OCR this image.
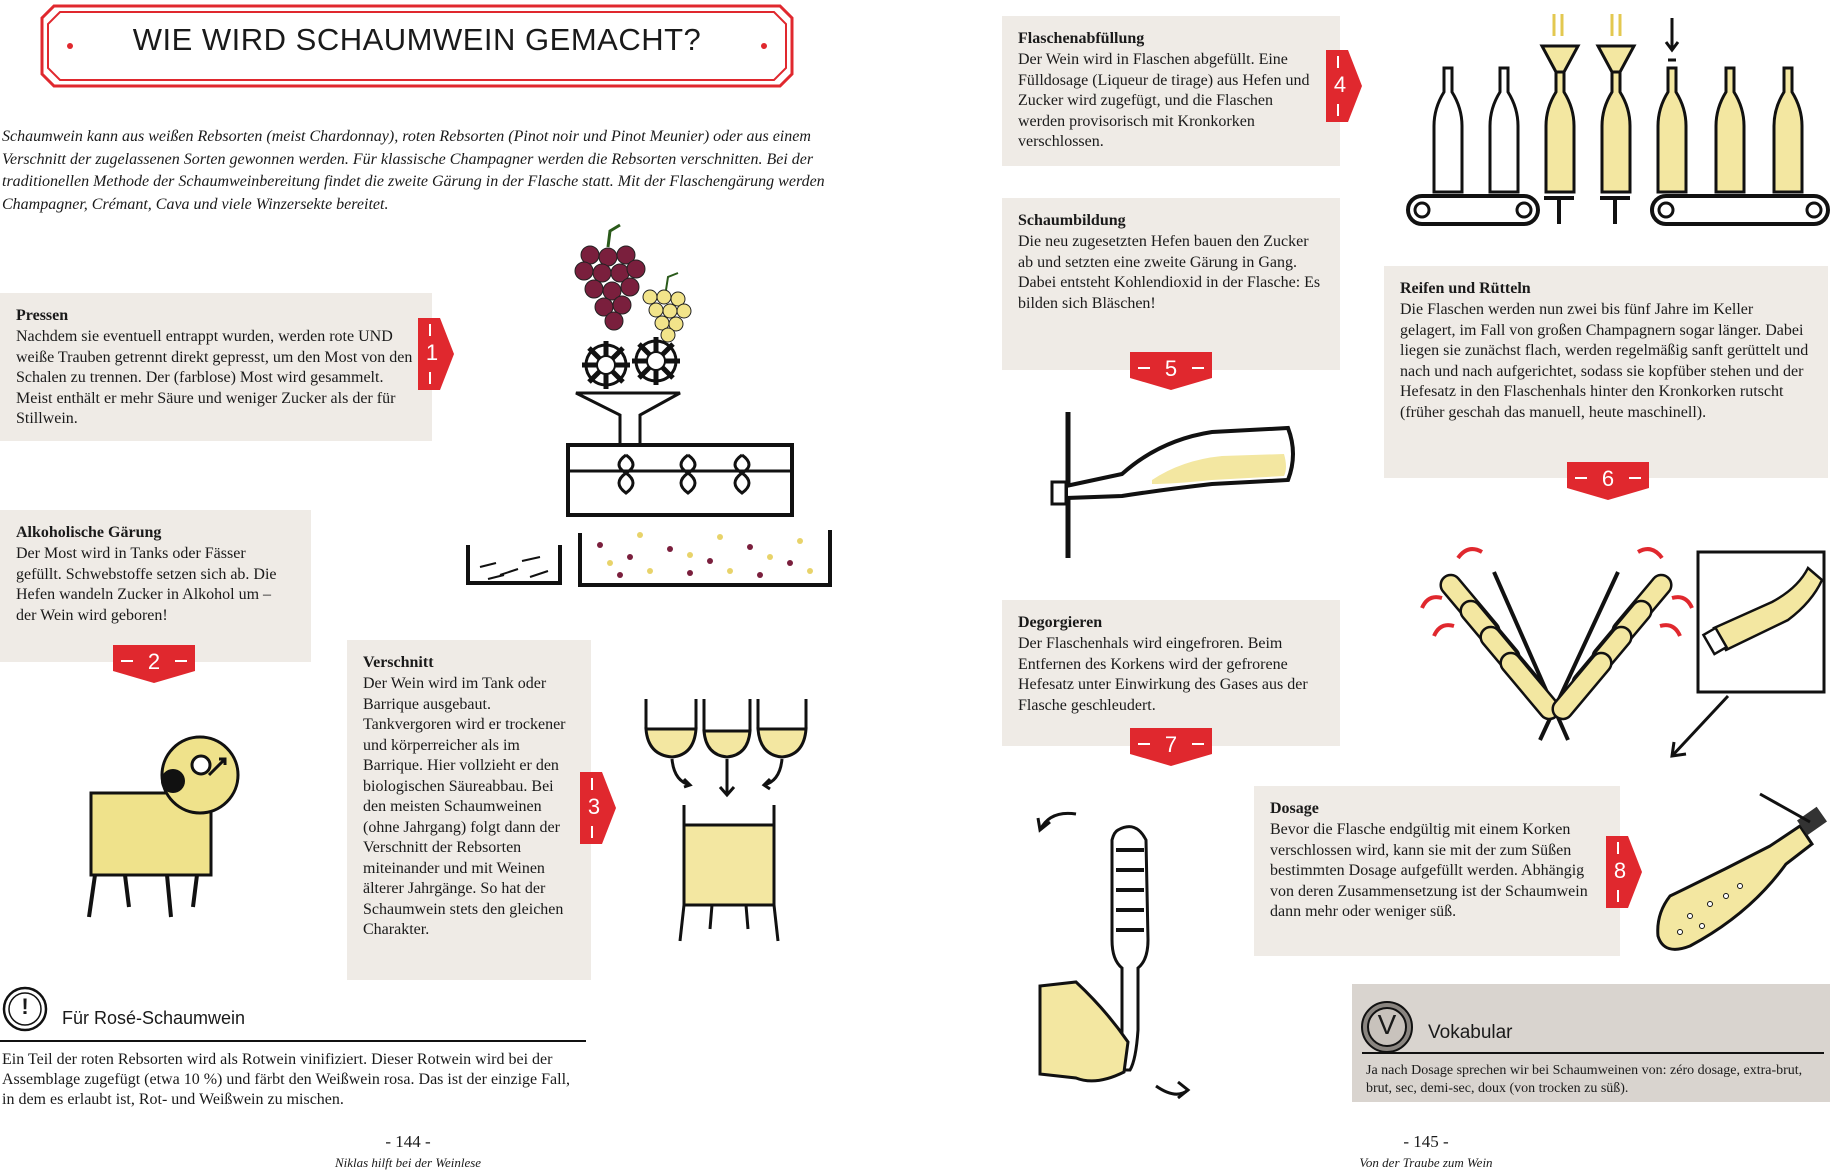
WIE WIRD SCHAUMWEIN GEMACHT?
Schaumwein kann aus weißen Rebsorten (meist Chardonnay), roten Rebsorten (Pinot noir und Pinot Meunier) oder aus einem Verschnitt der zugelassenen Sorten gewonnen werden. Für klassische Champagner werden die Rebsorten verschnitten. Bei der traditionellen Methode der Schaumweinbereitung findet die zweite Gärung in der Flasche statt. Mit der Flaschengärung werden Champagner, Crémant, Cava und viele Winzersekte bereitet.
Pressen

Nachdem sie eventuell entrappt wurden, werden rote UND weiße Trauben getrennt direkt gepresst, um den Most von den Schalen zu trennen. Der (farblose) Most wird gesammelt. Meist enthält er mehr Säure und weniger Zucker als der für Stillwein.

1
Alkoholische Gärung

Der Most wird in Tanks oder Fässer gefüllt. Schwebstoffe setzen sich ab. Die Hefen wandeln Zucker in Alkohol um – der Wein wird geboren!

2	Verschnitt

Der Wein wird im Tank oder Barrique ausgebaut. Tankvergoren wird er trockener und körperreicher als im Barrique. Hier vollzieht er den biologischen Säureabbau. Bei den meisten Schaumweinen (ohne Jahrgang) folgt dann der Verschnitt der Rebsorten miteinander und mit Weinen älterer Jahrgänge. So hat der Schaumwein stets den gleichen Charakter.

3
!	Für Rosé-Schaumwein
Ein Teil der roten Rebsorten wird als Rotwein vinifiziert. Dieser Rotwein wird bei der Assemblage zugefügt (etwa 10 %) und färbt den Weißwein rosa. Das ist der einzige Fall, in dem es erlaubt ist, Rot- und Weißwein zu mischen.
- 144 -
Niklas hilft bei der Weinlese
Flaschenabfüllung

Der Wein wird in Flaschen abgefüllt. Eine Fülldosage (Liqueur de tirage) aus Hefen und Zucker wird zugefügt, und die Flaschen werden provisorisch mit Kronkorken verschlossen.

4
Schaumbildung

Die neu zugesetzten Hefen bauen den Zucker ab und setzten eine zweite Gärung in Gang. Dabei entsteht Kohlendioxid in der Flasche: Es bilden sich Bläschen!

5
Reifen und Rütteln

Die Flaschen werden nun zwei bis fünf Jahre im Keller gelagert, im Fall von großen Champagnern sogar länger. Dabei liegen sie zunächst flach, werden regelmäßig sanft gerüttelt und nach und nach aufgerichtet, sodass sie kopfüber stehen und der Hefesatz in den Flaschenhals hinter den Kronkorken rutscht (früher geschah das manuell, heute maschinell).

6
Degorgieren

Der Flaschenhals wird eingefroren. Beim Entfernen des Korkens wird der gefrorene Hefesatz unter Einwirkung des Gases aus der Flasche geschleudert.

7
Dosage

Bevor die Flasche endgültig mit einem Korken verschlossen wird, kann sie mit der zum Süßen bestimmten Dosage aufgefüllt werden. Abhängig von deren Zusammensetzung ist der Schaumwein dann mehr oder weniger süß.

8
V	Vokabular
Ja nach Dosage sprechen wir bei Schaumweinen von: zéro dosage, extra-brut, brut, sec, demi-sec, doux (von trocken zu süß).
- 145 -
Von der Traube zum Wein
